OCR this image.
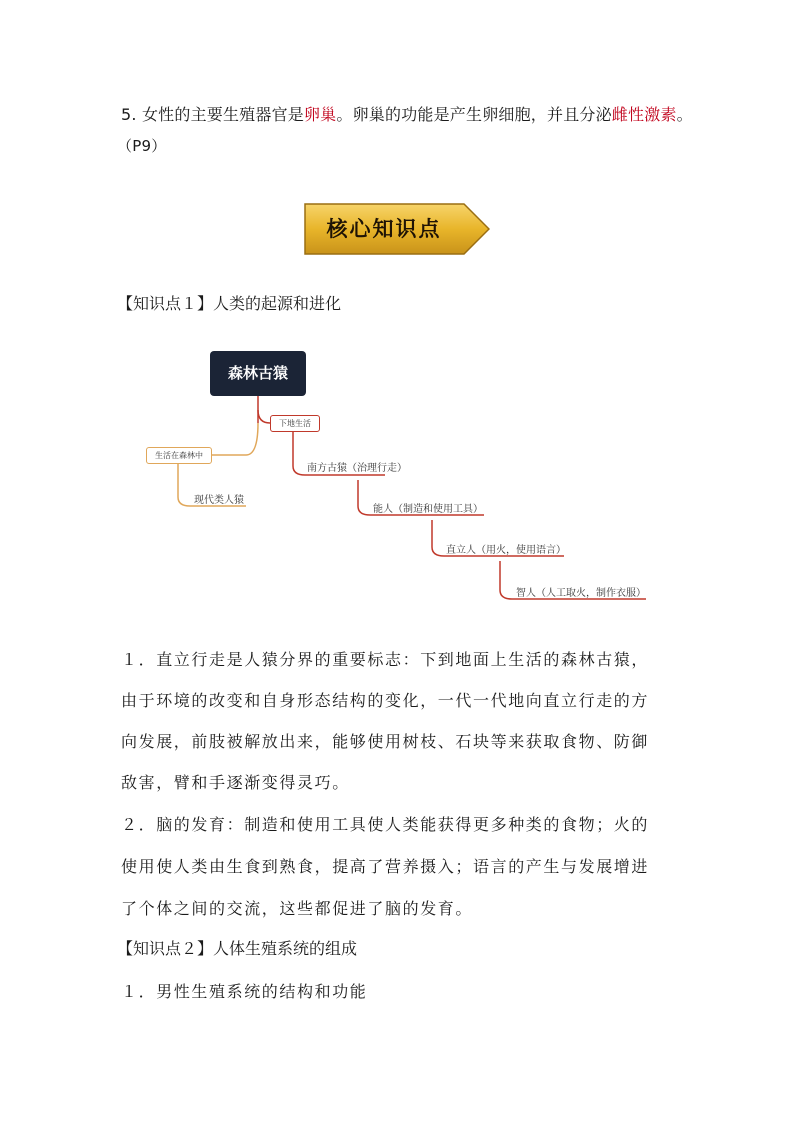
5. 女性的主要生殖器官是卵巢。卵巢的功能是产生卵细胞，并且分泌雌性激素。
（P9）
核心知识点
【知识点１】人类的起源和进化
森林古猿
生活在森林中
现代类人猿
下地生活
南方古猿（治理行走）
能人（制造和使用工具）
直立人（用火，使用语言）
智人（人工取火，制作衣服）
１．直立行走是人猿分界的重要标志：下到地面上生活的森林古猿，
由于环境的改变和自身形态结构的变化，一代一代地向直立行走的方
向发展，前肢被解放出来，能够使用树枝、石块等来获取食物、防御
敌害，臂和手逐渐变得灵巧。
２．脑的发育：制造和使用工具使人类能获得更多种类的食物；火的
使用使人类由生食到熟食，提高了营养摄入；语言的产生与发展增进
了个体之间的交流，这些都促进了脑的发育。
【知识点２】人体生殖系统的组成
１．男性生殖系统的结构和功能
